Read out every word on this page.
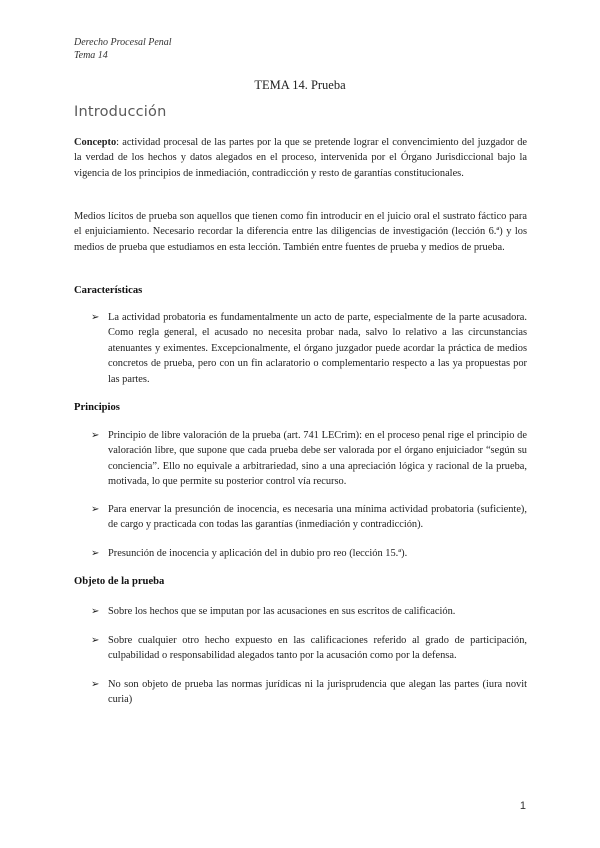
Derecho Procesal Penal
Tema 14
TEMA 14. Prueba
Introducción
Concepto: actividad procesal de las partes por la que se pretende lograr el convencimiento del juzgador de la verdad de los hechos y datos alegados en el proceso, intervenida por el Órgano Jurisdiccional bajo la vigencia de los principios de inmediación, contradicción y resto de garantías constitucionales.
Medios lícitos de prueba son aquellos que tienen como fin introducir en el juicio oral el sustrato fáctico para el enjuiciamiento. Necesario recordar la diferencia entre las diligencias de investigación (lección 6.ª) y los medios de prueba que estudiamos en esta lección. También entre fuentes de prueba y medios de prueba.
Características
➢ La actividad probatoria es fundamentalmente un acto de parte, especialmente de la parte acusadora. Como regla general, el acusado no necesita probar nada, salvo lo relativo a las circunstancias atenuantes y eximentes. Excepcionalmente, el órgano juzgador puede acordar la práctica de medios concretos de prueba, pero con un fin aclaratorio o complementario respecto a las ya propuestas por las partes.
Principios
➢ Principio de libre valoración de la prueba (art. 741 LECrim): en el proceso penal rige el principio de valoración libre, que supone que cada prueba debe ser valorada por el órgano enjuiciador “según su conciencia”. Ello no equivale a arbitrariedad, sino a una apreciación lógica y racional de la prueba, motivada, lo que permite su posterior control vía recurso.
➢ Para enervar la presunción de inocencia, es necesaria una mínima actividad probatoria (suficiente), de cargo y practicada con todas las garantías (inmediación y contradicción).
➢ Presunción de inocencia y aplicación del in dubio pro reo (lección 15.ª).
Objeto de la prueba
➢ Sobre los hechos que se imputan por las acusaciones en sus escritos de calificación.
➢ Sobre cualquier otro hecho expuesto en las calificaciones referido al grado de participación, culpabilidad o responsabilidad alegados tanto por la acusación como por la defensa.
➢ No son objeto de prueba las normas jurídicas ni la jurisprudencia que alegan las partes (iura novit curia)
1
